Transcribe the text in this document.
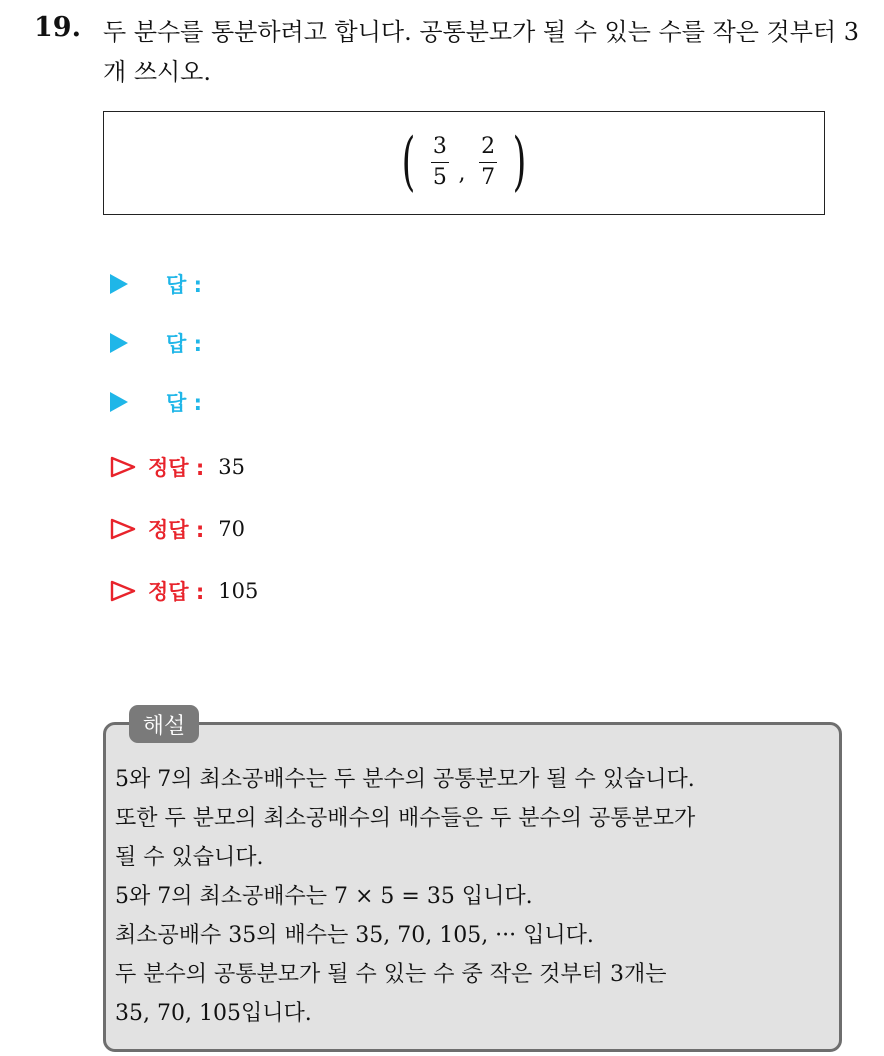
19. 두 분수를 통분하려고 합니다. 공통분모가 될 수 있는 수를 작은 것부터 3개 쓰시오.
( $\frac{3}{5}$ , $\frac{2}{7}$ )
답 :
답 :
답 :
정답 : 35
정답 : 70
정답 : 105
해설
5와 7의 최소공배수는 두 분수의 공통분모가 될 수 있습니다.
또한 두 분모의 최소공배수의 배수들은 두 분수의 공통분모가
될 수 있습니다.
5와 7의 최소공배수는 7 × 5 = 35 입니다.
최소공배수 35의 배수는 35, 70, 105, ··· 입니다.
두 분수의 공통분모가 될 수 있는 수 중 작은 것부터 3개는
35, 70, 105입니다.
